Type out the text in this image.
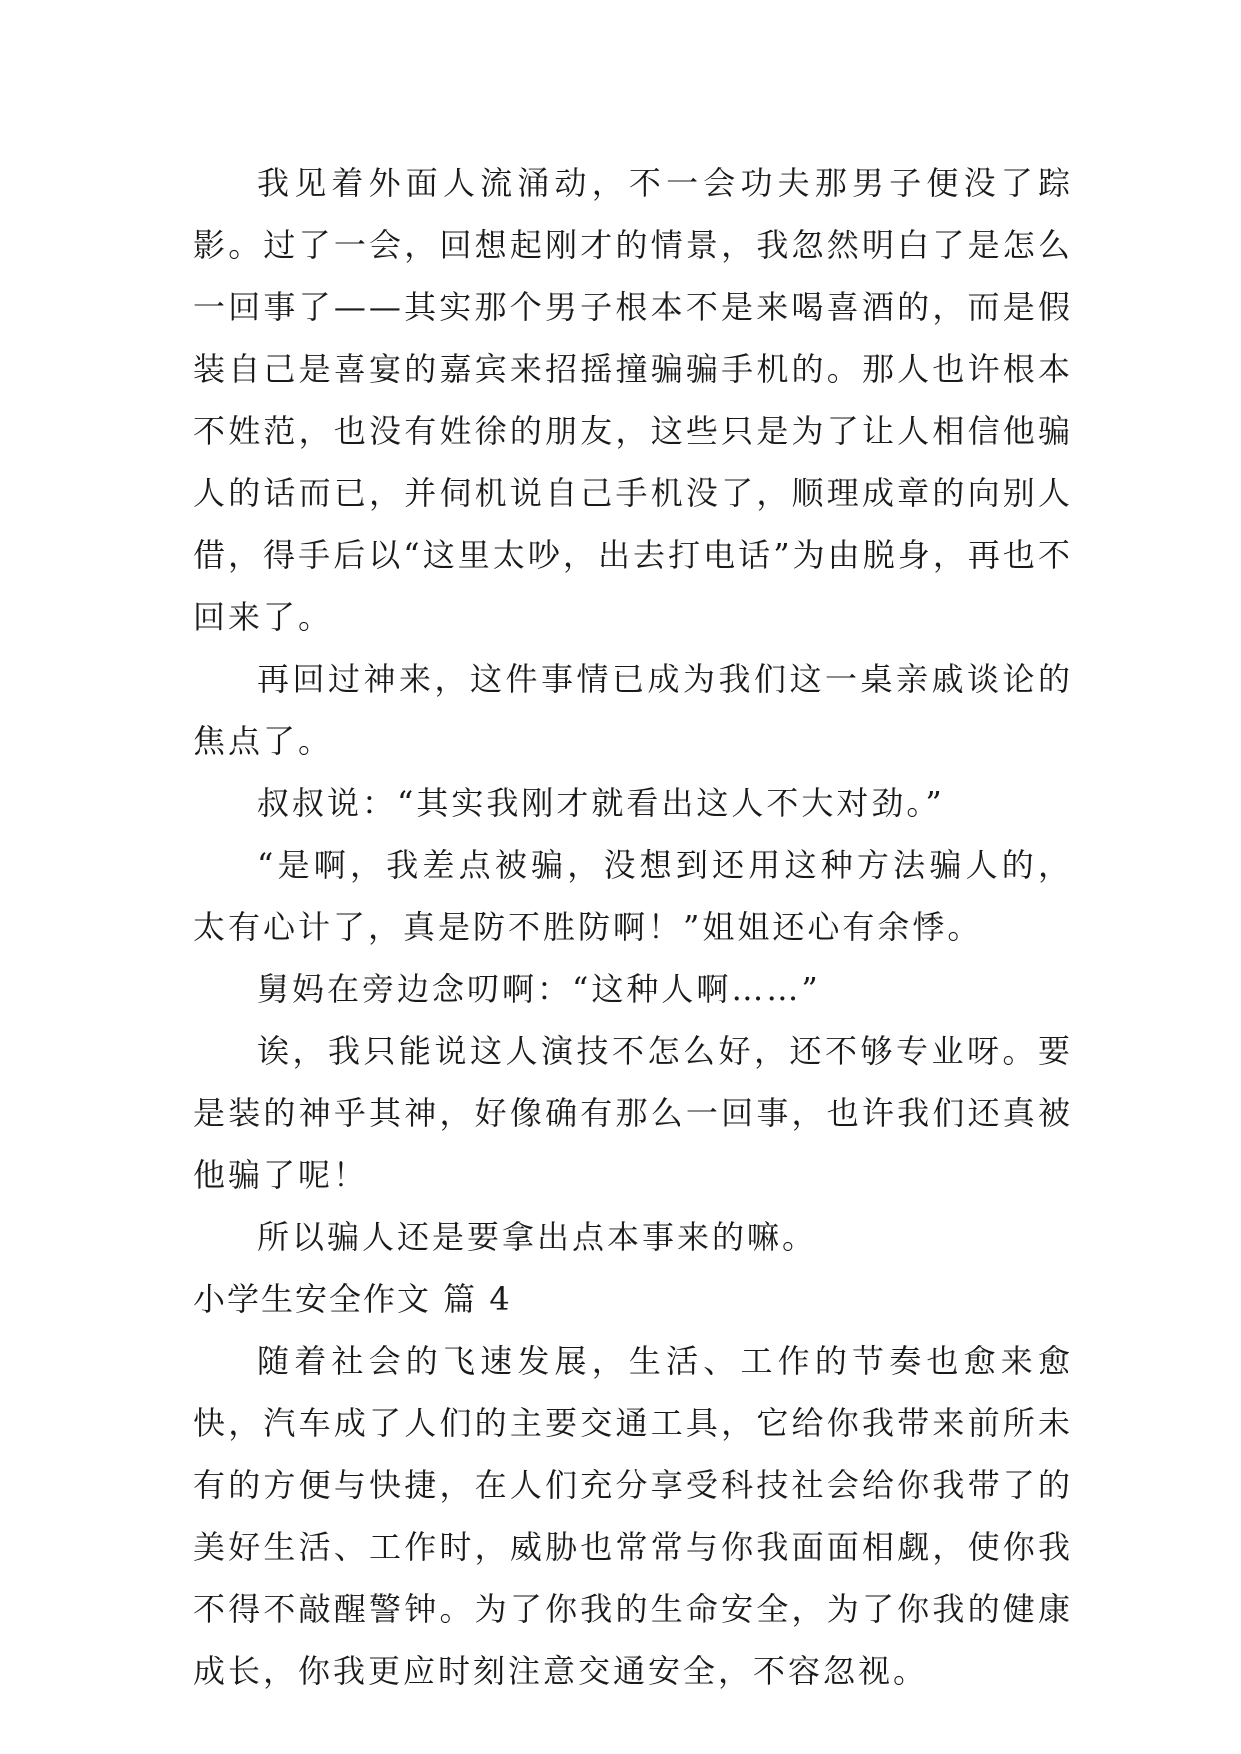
我见着外面人流涌动，不一会功夫那男子便没了踪影。过了一会，回想起刚才的情景，我忽然明白了是怎么一回事了——其实那个男子根本不是来喝喜酒的，而是假装自己是喜宴的嘉宾来招摇撞骗骗手机的。那人也许根本不姓范，也没有姓徐的朋友，这些只是为了让人相信他骗人的话而已，并伺机说自己手机没了，顺理成章的向别人借，得手后以“这里太吵，出去打电话”为由脱身，再也不回来了。

再回过神来，这件事情已成为我们这一桌亲戚谈论的焦点了。

叔叔说：“其实我刚才就看出这人不大对劲。”

“是啊，我差点被骗，没想到还用这种方法骗人的，太有心计了，真是防不胜防啊！”姐姐还心有余悸。

舅妈在旁边念叨啊：“这种人啊……”

诶，我只能说这人演技不怎么好，还不够专业呀。要是装的神乎其神，好像确有那么一回事，也许我们还真被他骗了呢！

所以骗人还是要拿出点本事来的嘛。

小学生安全作文 篇 4

随着社会的飞速发展，生活、工作的节奏也愈来愈快，汽车成了人们的主要交通工具，它给你我带来前所未有的方便与快捷，在人们充分享受科技社会给你我带了的美好生活、工作时，威胁也常常与你我面面相觑，使你我不得不敲醒警钟。为了你我的生命安全，为了你我的健康成长，你我更应时刻注意交通安全，不容忽视。
